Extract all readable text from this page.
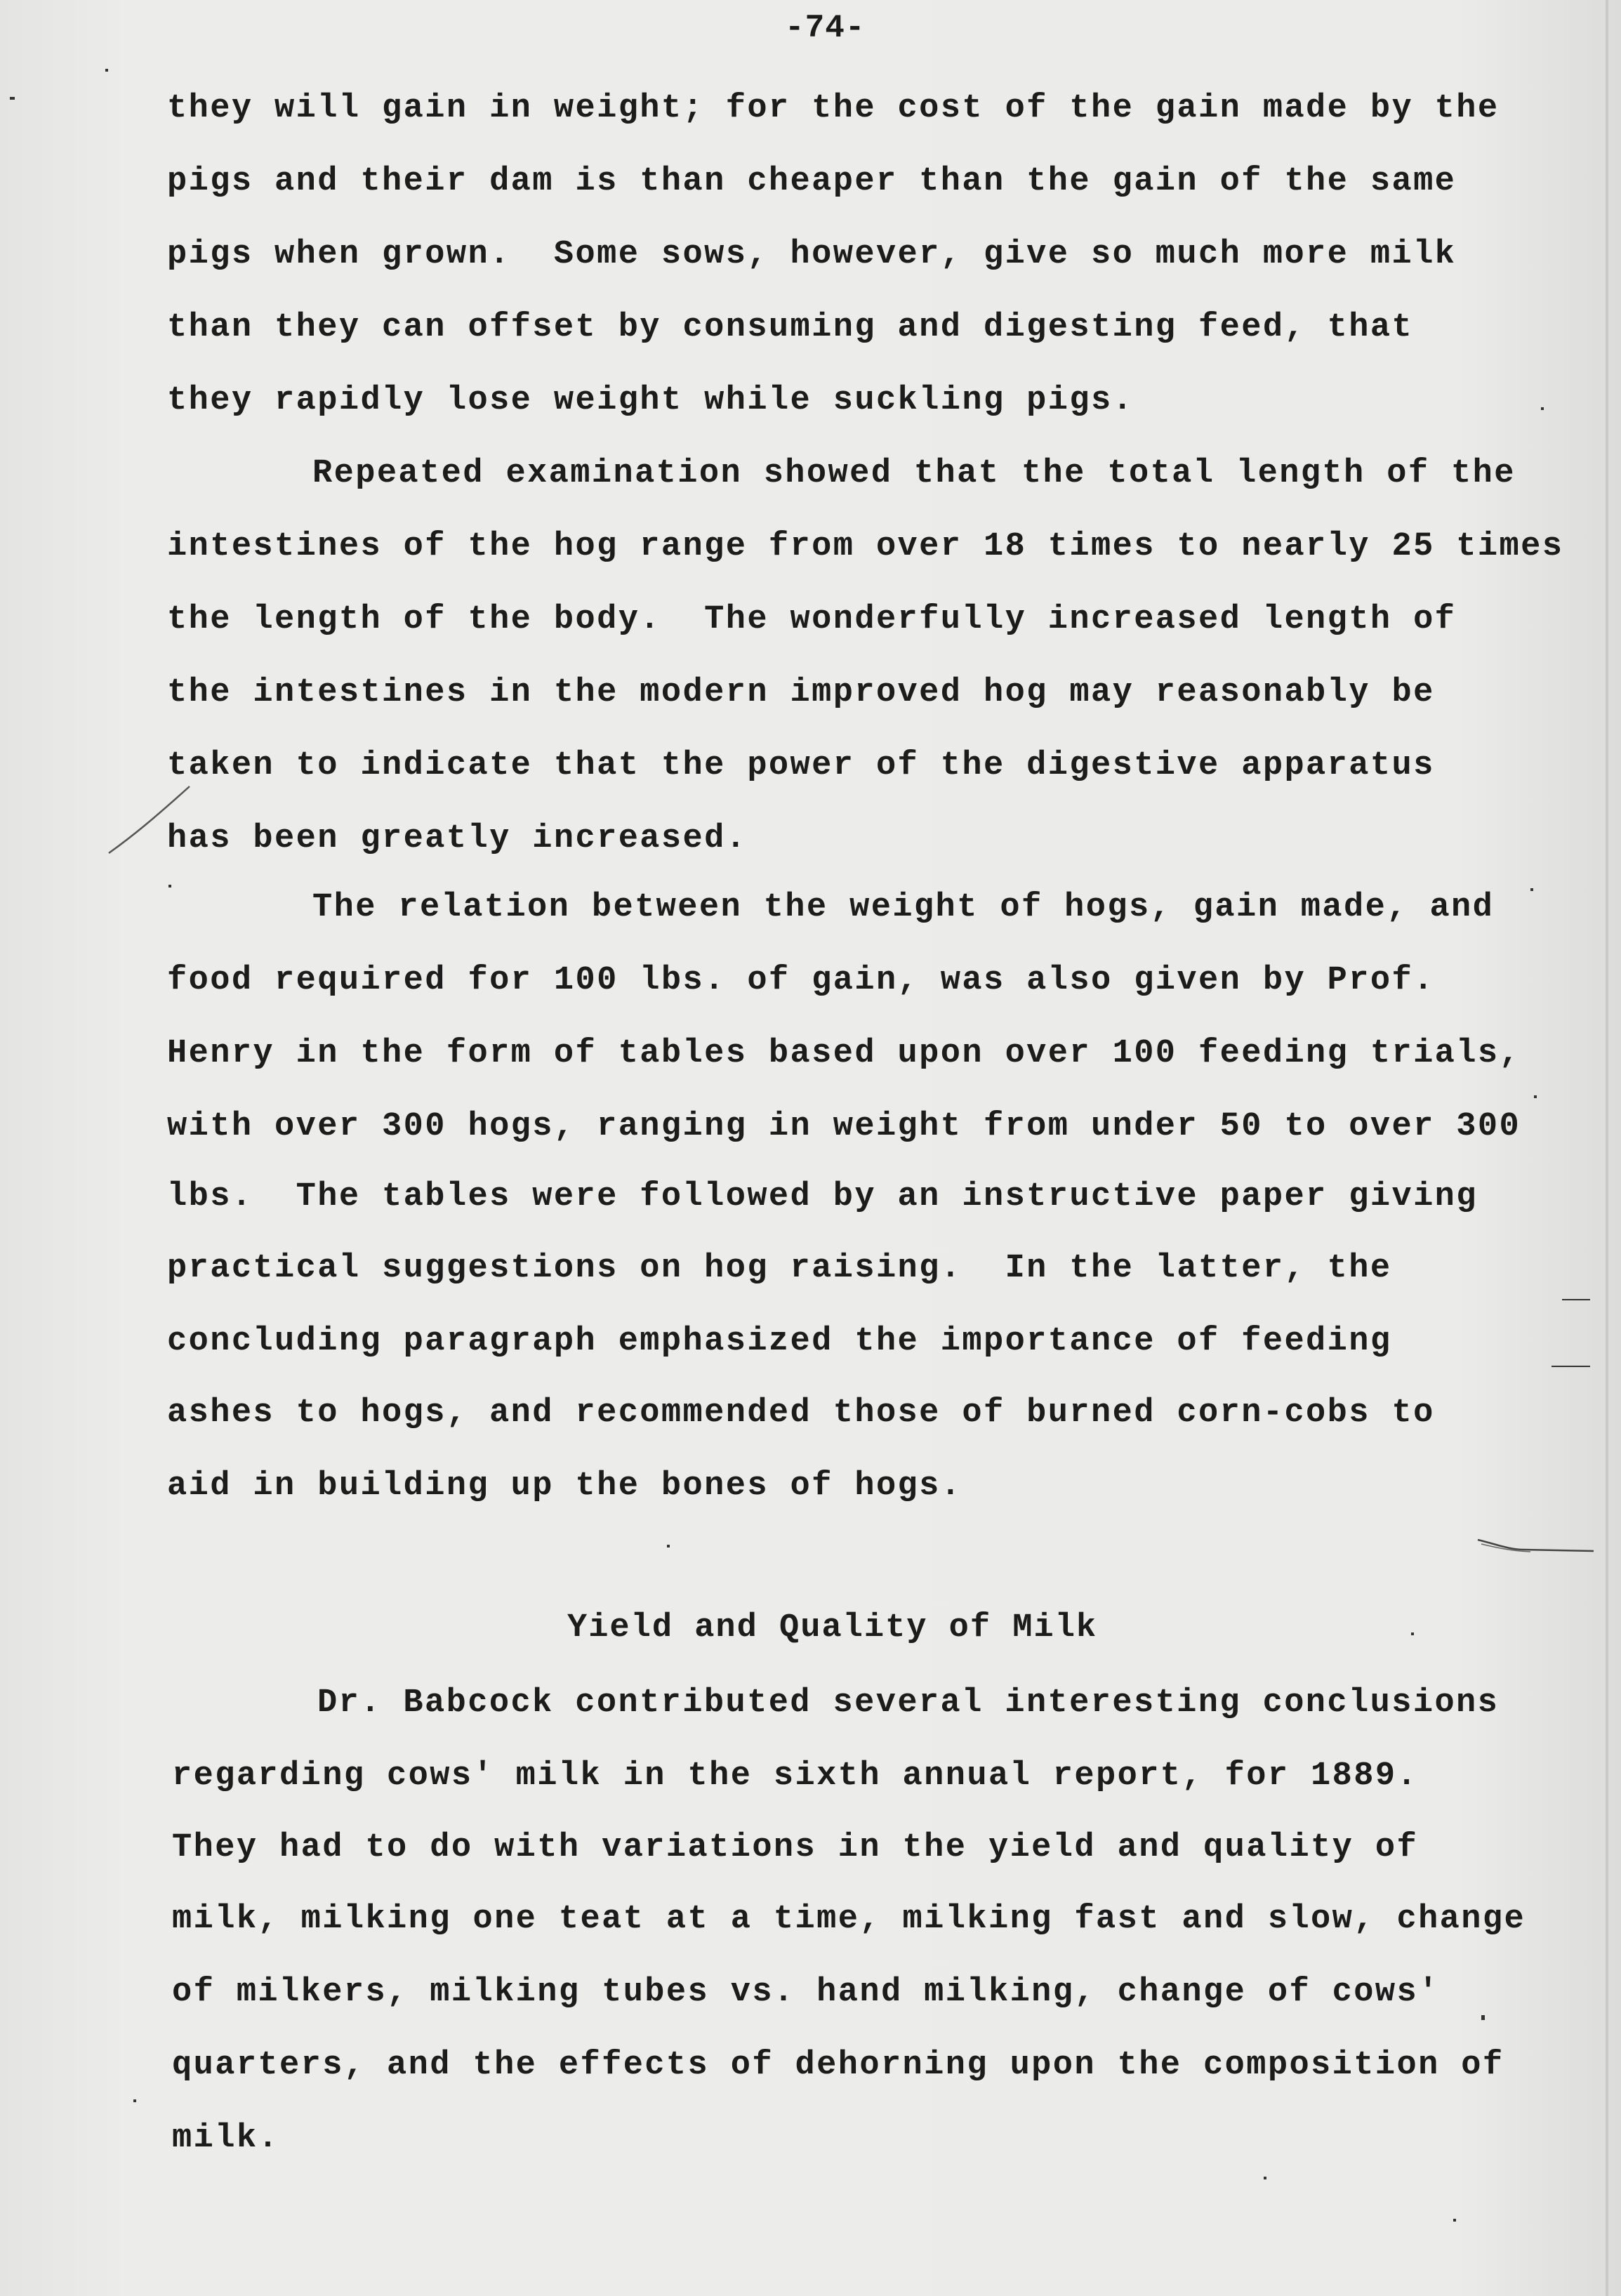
-74-
they will gain in weight; for the cost of the gain made by the
pigs and their dam is than cheaper than the gain of the same
pigs when grown.  Some sows, however, give so much more milk
than they can offset by consuming and digesting feed, that
they rapidly lose weight while suckling pigs.
Repeated examination showed that the total length of the
intestines of the hog range from over 18 times to nearly 25 times
the length of the body.  The wonderfully increased length of
the intestines in the modern improved hog may reasonably be
taken to indicate that the power of the digestive apparatus
has been greatly increased.
The relation between the weight of hogs, gain made, and
food required for 100 lbs. of gain, was also given by Prof.
Henry in the form of tables based upon over 100 feeding trials,
with over 300 hogs, ranging in weight from under 50 to over 300
lbs.  The tables were followed by an instructive paper giving
practical suggestions on hog raising.  In the latter, the
concluding paragraph emphasized the importance of feeding
ashes to hogs, and recommended those of burned corn-cobs to
aid in building up the bones of hogs.
Yield and Quality of Milk
Dr. Babcock contributed several interesting conclusions
regarding cows' milk in the sixth annual report, for 1889.
They had to do with variations in the yield and quality of
milk, milking one teat at a time, milking fast and slow, change
of milkers, milking tubes vs. hand milking, change of cows'
quarters, and the effects of dehorning upon the composition of
milk.
